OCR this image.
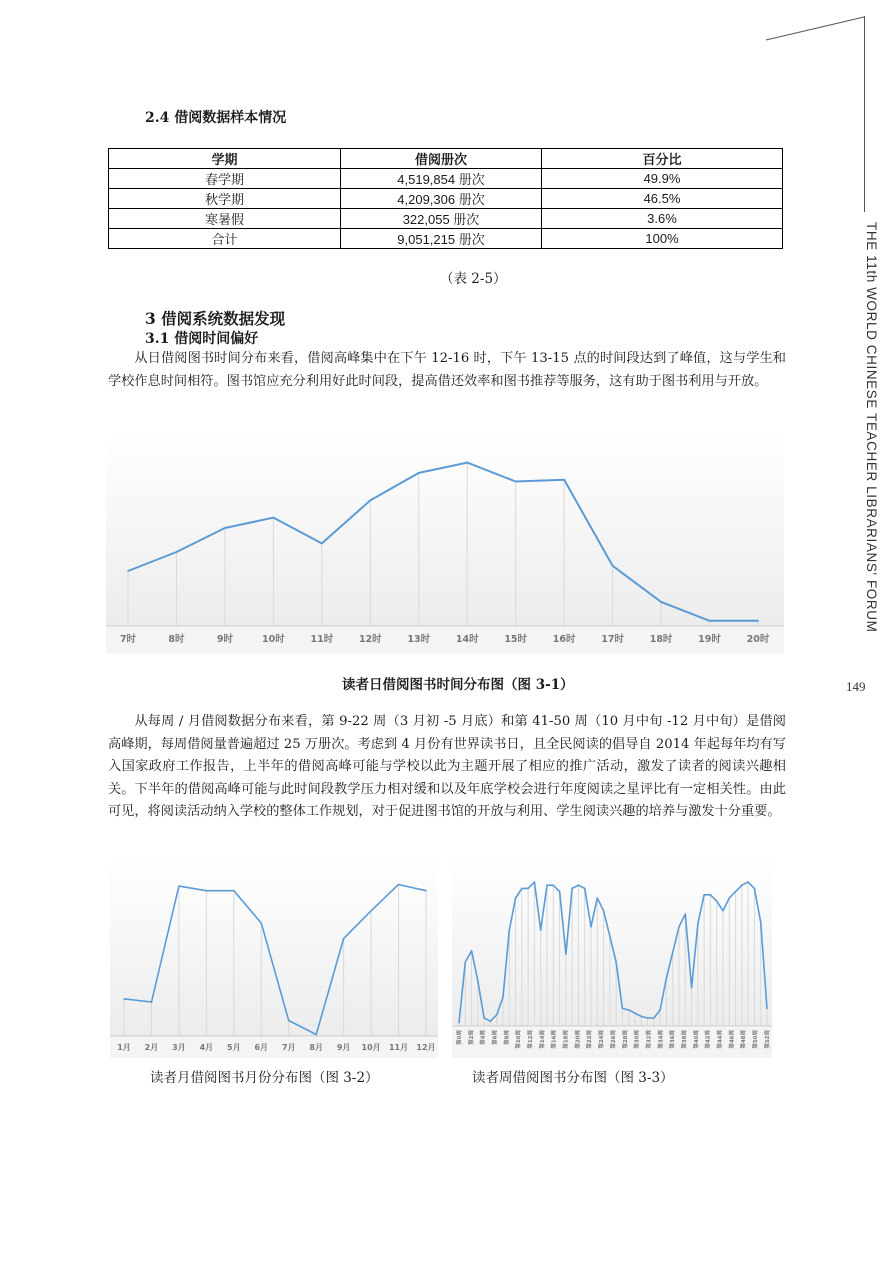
THE 11th WORLD CHINESE TEACHER LIBRARIANS' FORUM
149
2.4 借阅数据样本情况
学期	借阅册次	百分比
春学期	4,519,854 册次	49.9%
秋学期	4,209,306 册次	46.5%
寒暑假	322,055 册次	3.6%
合计	9,051,215 册次	100%
（表 2-5）
3 借阅系统数据发现
3.1 借阅时间偏好

从日借阅图书时间分布来看，借阅高峰集中在下午 12-16 时，下午 13-15 点的时间段达到了峰值，这与学生和学校作息时间相符。图书馆应充分利用好此时间段，提高借还效率和图书推荐等服务，这有助于图书利用与开放。

7时	8时	9时	10时	11时	12时	13时	14时	15时	16时	17时	18时	19时	20时
读者日借阅图书时间分布图（图 3-1）

从每周 / 月借阅数据分布来看，第 9-22 周（3 月初 -5 月底）和第 41-50 周（10 月中旬 -12 月中旬）是借阅高峰期，每周借阅量普遍超过 25 万册次。考虑到 4 月份有世界读书日，且全民阅读的倡导自 2014 年起每年均有写入国家政府工作报告，上半年的借阅高峰可能与学校以此为主题开展了相应的推广活动，激发了读者的阅读兴趣相关。下半年的借阅高峰可能与此时间段教学压力相对缓和以及年底学校会进行年度阅读之星评比有一定相关性。由此可见，将阅读活动纳入学校的整体工作规划，对于促进图书馆的开放与利用、学生阅读兴趣的培养与激发十分重要。

1月 2月 3月 4月 5月 6月 7月 8月 9月 10月 11月 12月
第0周	第2周	第4周	第6周	第8周	第10周	第12周	第14周	第16周	第18周	第20周	第22周	第24周	第26周	第28周	第30周	第32周	第34周	第36周	第38周	第40周	第42周	第44周	第46周	第48周	第50周	第52周
读者月借阅图书月份分布图（图 3-2）	读者周借阅图书分布图（图 3-3）
